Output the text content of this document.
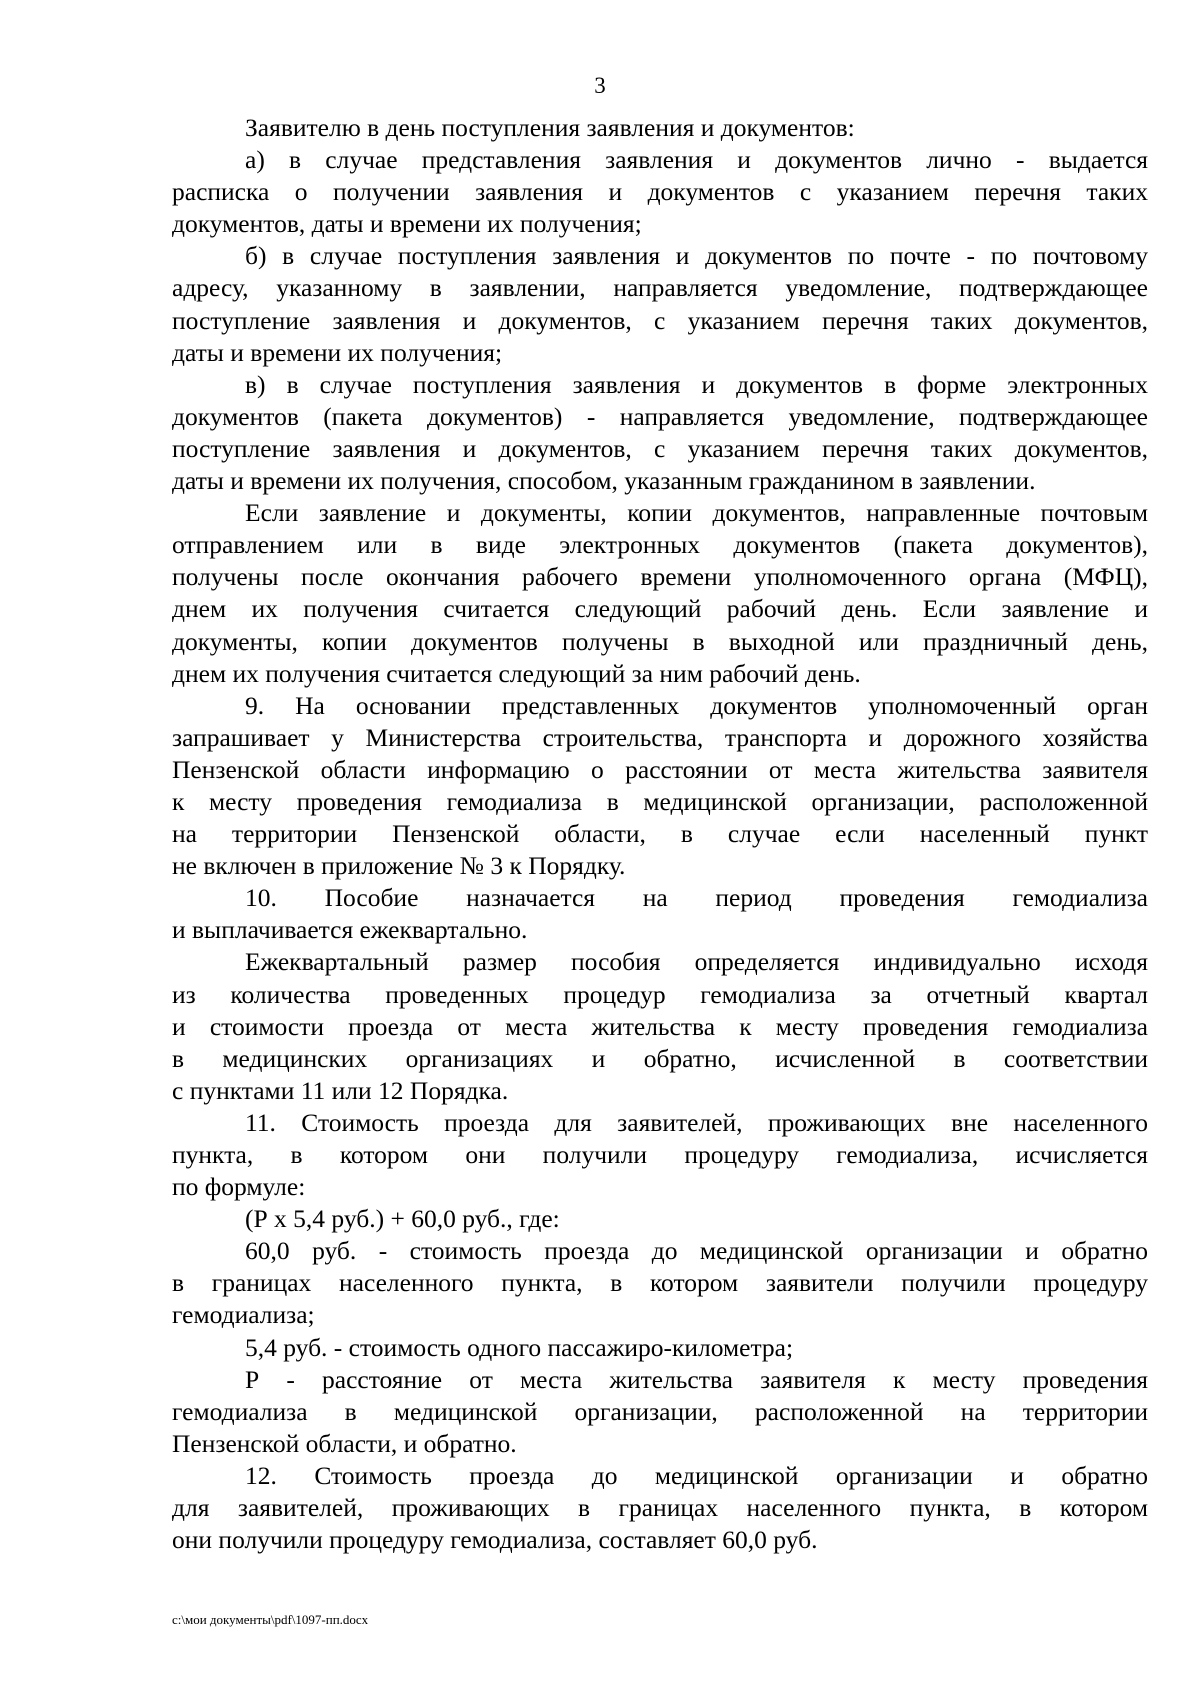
3
Заявителю в день поступления заявления и документов:
а) в случае представления заявления и документов лично - выдается
расписка о получении заявления и документов с указанием перечня таких
документов, даты и времени их получения;
б) в случае поступления заявления и документов по почте - по почтовому
адресу, указанному в заявлении, направляется уведомление, подтверждающее
поступление заявления и документов, с указанием перечня таких документов,
даты и времени их получения;
в) в случае поступления заявления и документов в форме электронных
документов (пакета документов) - направляется уведомление, подтверждающее
поступление заявления и документов, с указанием перечня таких документов,
даты и времени их получения, способом, указанным гражданином в заявлении.
Если заявление и документы, копии документов, направленные почтовым
отправлением или в виде электронных документов (пакета документов),
получены после окончания рабочего времени уполномоченного органа (МФЦ),
днем их получения считается следующий рабочий день. Если заявление и
документы, копии документов получены в выходной или праздничный день,
днем их получения считается следующий за ним рабочий день.
9. На основании представленных документов уполномоченный орган
запрашивает у Министерства строительства, транспорта и дорожного хозяйства
Пензенской области информацию о расстоянии от места жительства заявителя
к месту проведения гемодиализа в медицинской организации, расположенной
на территории Пензенской области, в случае если населенный пункт
не включен в приложение № 3 к Порядку.
10. Пособие назначается на период проведения гемодиализа
и выплачивается ежеквартально.
Ежеквартальный размер пособия определяется индивидуально исходя
из количества проведенных процедур гемодиализа за отчетный квартал
и стоимости проезда от места жительства к месту проведения гемодиализа
в медицинских организациях и обратно, исчисленной в соответствии
с пунктами 11 или 12 Порядка.
11. Стоимость проезда для заявителей, проживающих вне населенного
пункта, в котором они получили процедуру гемодиализа, исчисляется
по формуле:
(Р х 5,4 руб.) + 60,0 руб., где:
60,0 руб. - стоимость проезда до медицинской организации и обратно
в границах населенного пункта, в котором заявители получили процедуру
гемодиализа;
5,4 руб. - стоимость одного пассажиро-километра;
Р - расстояние от места жительства заявителя к месту проведения
гемодиализа в медицинской организации, расположенной на территории
Пензенской области, и обратно.
12. Стоимость проезда до медицинской организации и обратно
для заявителей, проживающих в границах населенного пункта, в котором
они получили процедуру гемодиализа, составляет 60,0 руб.
c:\мои документы\pdf\1097-пп.docx
